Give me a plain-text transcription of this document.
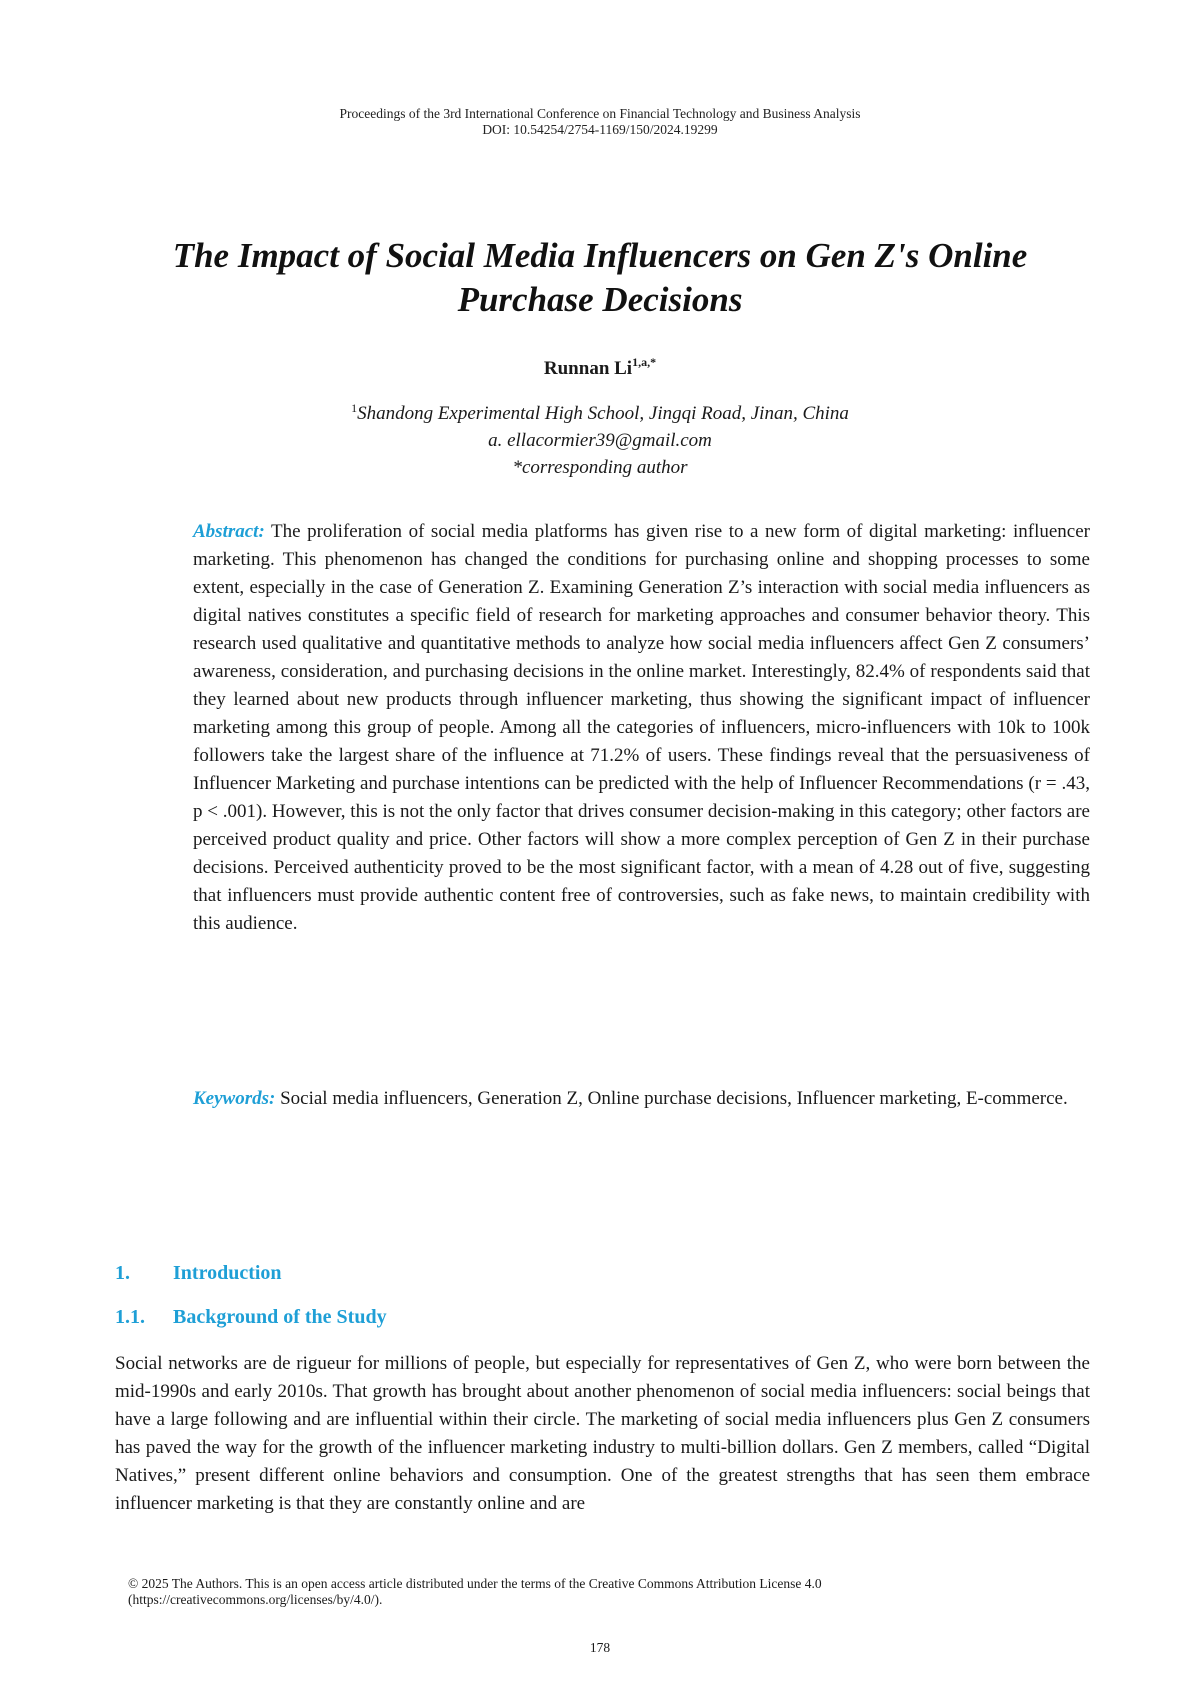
Proceedings of the 3rd International Conference on Financial Technology and Business Analysis
DOI: 10.54254/2754-1169/150/2024.19299
The Impact of Social Media Influencers on Gen Z's Online
Purchase Decisions
Runnan $Li^{1,a,*}$
$^1$Shandong Experimental High School, Jingqi Road, Jinan, China
a. ellacormier39@gmail.com
*corresponding author
Abstract: The proliferation of social media platforms has given rise to a new form of digital marketing: influencer marketing. This phenomenon has changed the conditions for purchasing online and shopping processes to some extent, especially in the case of Generation Z. Examining Generation Z’s interaction with social media influencers as digital natives constitutes a specific field of research for marketing approaches and consumer behavior theory. This research used qualitative and quantitative methods to analyze how social media influencers affect Gen Z consumers’ awareness, consideration, and purchasing decisions in the online market. Interestingly, 82.4% of respondents said that they learned about new products through influencer marketing, thus showing the significant impact of influencer marketing among this group of people. Among all the categories of influencers, micro-influencers with 10k to 100k followers take the largest share of the influence at 71.2% of users. These findings reveal that the persuasiveness of Influencer Marketing and purchase intentions can be predicted with the help of Influencer Recommendations (r = .43, p < .001). However, this is not the only factor that drives consumer decision-making in this category; other factors are perceived product quality and price. Other factors will show a more complex perception of Gen Z in their purchase decisions. Perceived authenticity proved to be the most significant factor, with a mean of 4.28 out of five, suggesting that influencers must provide authentic content free of controversies, such as fake news, to maintain credibility with this audience.
Keywords: Social media influencers, Generation Z, Online purchase decisions, Influencer marketing, E-commerce.
1. Introduction
1.1. Background of the Study
Social networks are de rigueur for millions of people, but especially for representatives of Gen Z, who were born between the mid-1990s and early 2010s. That growth has brought about another phenomenon of social media influencers: social beings that have a large following and are influential within their circle. The marketing of social media influencers plus Gen Z consumers has paved the way for the growth of the influencer marketing industry to multi-billion dollars. Gen Z members, called “Digital Natives,” present different online behaviors and consumption. One of the greatest strengths that has seen them embrace influencer marketing is that they are constantly online and are
© 2025 The Authors. This is an open access article distributed under the terms of the Creative Commons Attribution License 4.0
(https://creativecommons.org/licenses/by/4.0/).
178
